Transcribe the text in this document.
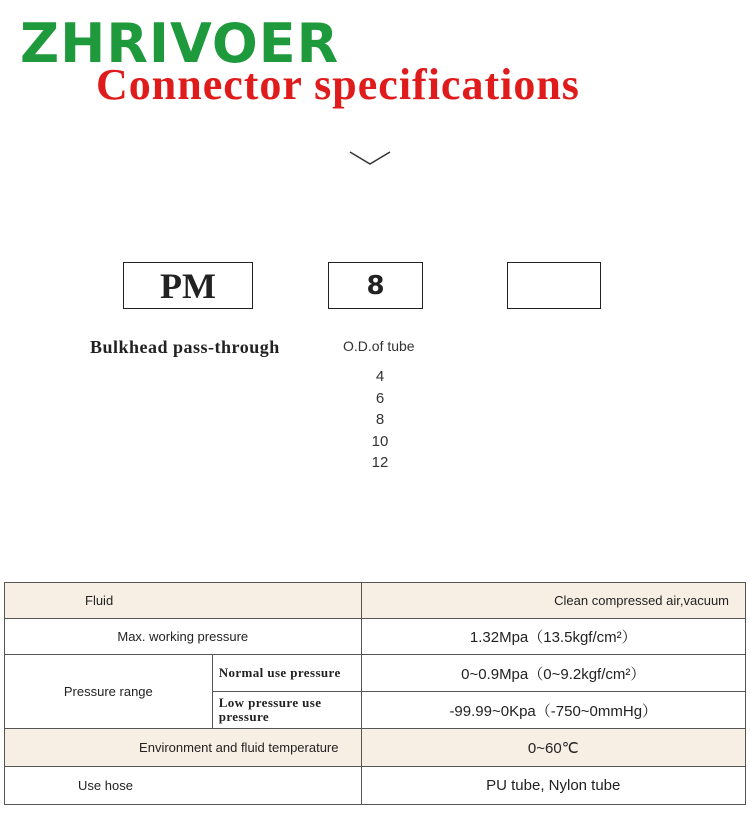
ZHRIVOER
Connector specifications
PM	8
Bulkhead pass-through	O.D.of tube
4
6
8
10
12
Fluid		Clean compressed air,vacuum
Max. working pressure		1.32Mpa（13.5kgf/cm²）
Pressure range	Normal use pressure	0~0.9Mpa（0~9.2kgf/cm²）
	Low pressure use pressure	-99.99~0Kpa（-750~0mmHg）
Environment and fluid temperature		0~60℃
Use hose		PU tube, Nylon tube
